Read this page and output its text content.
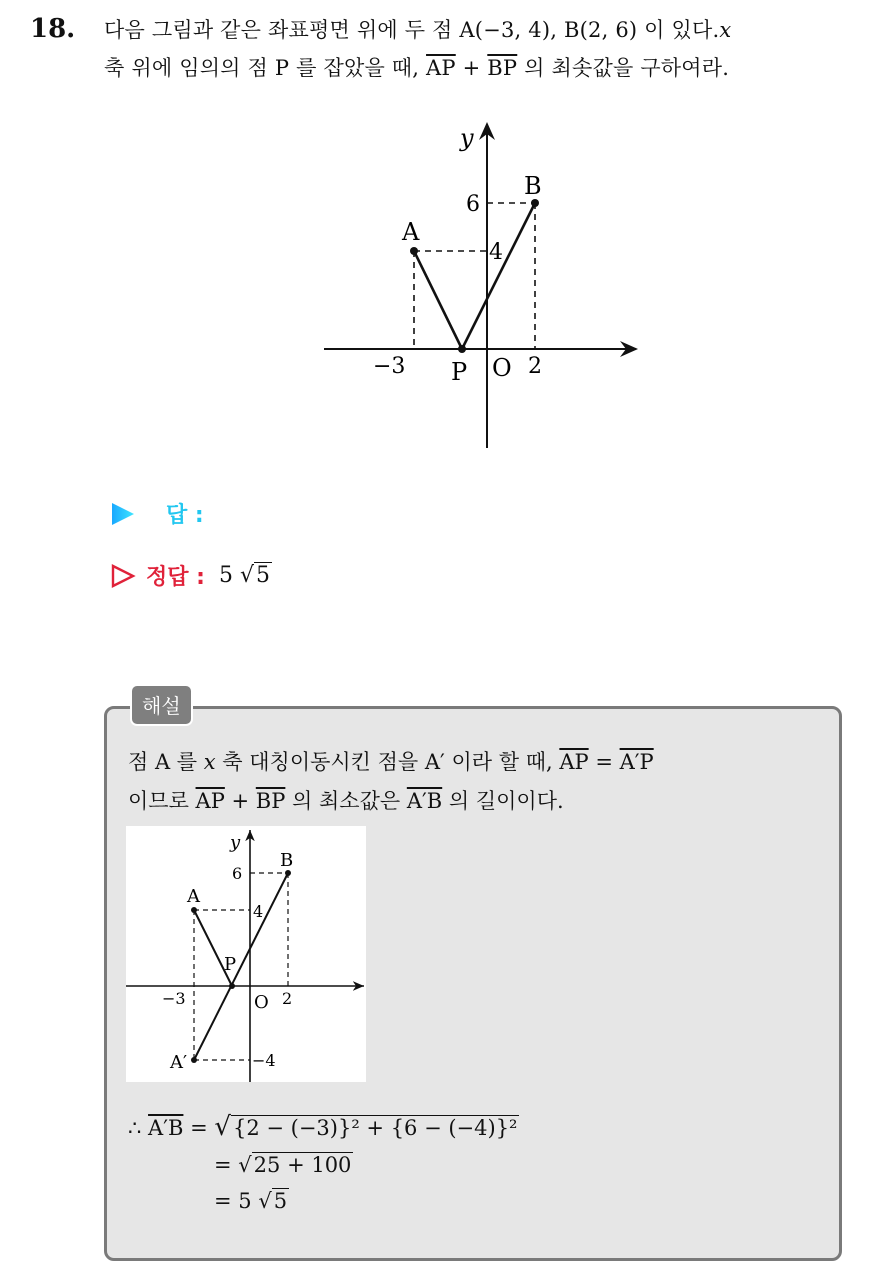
18. 다음 그림과 같은 좌표평면 위에 두 점 A(−3, 4), B(2, 6) 이 있다.x
축 위에 임의의 점 P 를 잡았을 때, $\overline{AP} + \overline{BP}$ 의 최솟값을 구하여라.
y
A
B
P O
6
4
−3	2
답 :
정답 : 5 √5
해설
점 A 를 x 축 대칭이동시킨 점을 A′ 이라 할 때, $\overline{AP} = A'P$
이므로 $\overline{AP} + \overline{BP}$ 의 최소값은 A′B 의 길이이다.
y
A
B
P
O
A′
6
4
−4
−3	2
∴ A′B = √{2 − (−3)}² + {6 − (−4)}²
= √25 + 100
= 5 √5
